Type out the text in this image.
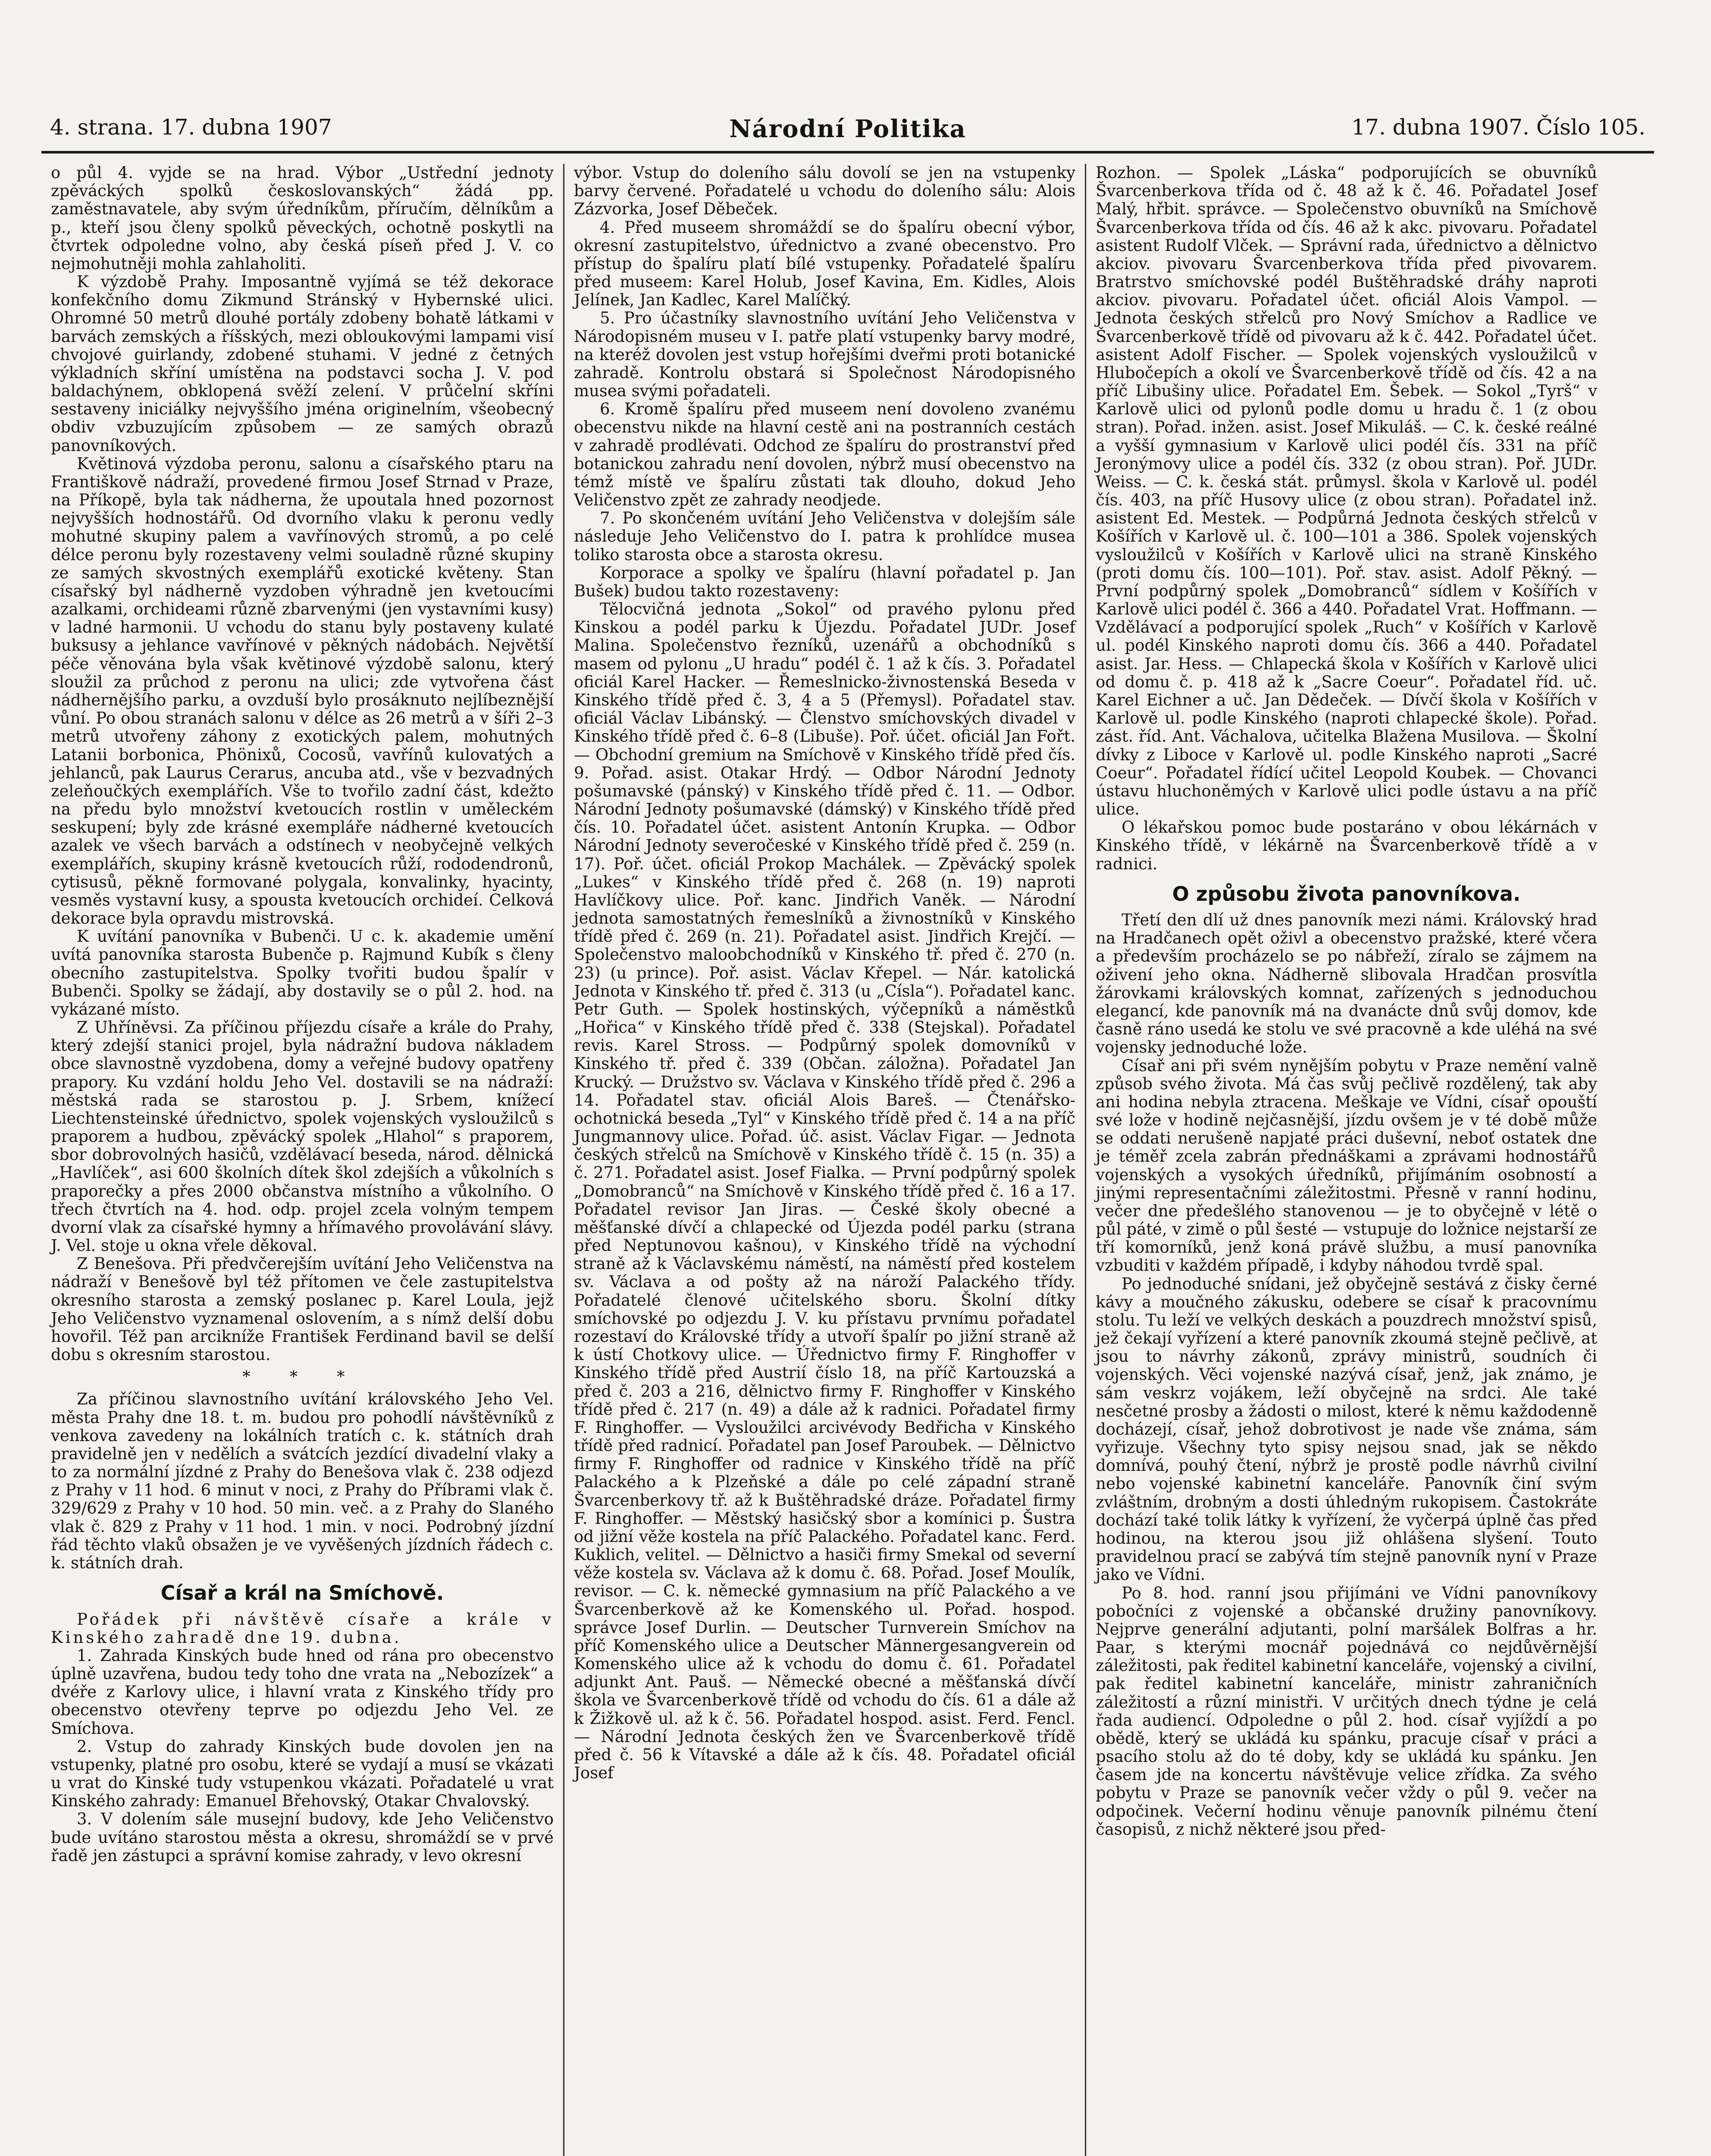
4. strana. 17. dubna 1907	Národní Politika	17. dubna 1907. Číslo 105.

o půl 4. vyjde se na hrad. Výbor „Ustřední jednoty zpěváckých spolků českoslovanských“ žádá pp. zaměstnavatele, aby svým úředníkům, příručím, dělníkům a p., kteří jsou členy spolků pěveckých, ochotně poskytli na čtvrtek odpoledne volno, aby česká píseň před J. V. co nejmohutněji mohla zahlaholiti.

K výzdobě Prahy. Imposantně vyjímá se též dekorace konfekčního domu Zikmund Stránský v Hybernské ulici. Ohromné 50 metrů dlouhé portály zdobeny bohatě látkami v barvách zemských a říšských, mezi obloukovými lampami visí chvojové guirlandy, zdobené stuhami. V jedné z četných výkladních skříní umístěna na podstavci socha J. V. pod baldachýnem, obklopená svěží zelení. V průčelní skříni sestaveny iniciálky nejvyššího jména originelním, všeobecný obdiv vzbuzujícím způsobem — ze samých obrazů panovníkových.

Květinová výzdoba peronu, salonu a císařského ptaru na Františkově nádraží, provedené firmou Josef Strnad v Praze, na Příkopě, byla tak nádherna, že upoutala hned pozornost nejvyšších hodnostářů. Od dvorního vlaku k peronu vedly mohutné skupiny palem a vavřínových stromů, a po celé délce peronu byly rozestaveny velmi souladně různé skupiny ze samých skvostných exemplářů exotické květeny. Stan císařský byl nádherně vyzdoben výhradně jen kvetoucími azalkami, orchideami různě zbarvenými (jen vystavními kusy) v ladné harmonii. U vchodu do stanu byly postaveny kulaté buksusy a jehlance vavřínové v pěkných nádobách. Největší péče věnována byla však květinové výzdobě salonu, který sloužil za průchod z peronu na ulici; zde vytvořena část nádhernějšího parku, a ovzduší bylo prosáknuto nejlíbeznější vůní. Po obou stranách salonu v délce as 26 metrů a v šíři 2–3 metrů utvořeny záhony z exotických palem, mohutných Latanii borbonica, Phönixů, Cocosů, vavřínů kulovatých a jehlanců, pak Laurus Cerarus, ancuba atd., vše v bezvadných zeleňoučkých exemplářích. Vše to tvořilo zadní část, kdežto na předu bylo množství kvetoucích rostlin v uměleckém seskupení; byly zde krásné exempláře nádherné kvetoucích azalek ve všech barvách a odstínech v neobyčejně velkých exemplářích, skupiny krásně kvetoucích růží, rododendronů, cytisusů, pěkně formované polygala, konvalinky, hyacinty, vesměs vystavní kusy, a spousta kvetoucích orchideí. Celková dekorace byla opravdu mistrovská.

K uvítání panovníka v Bubenči. U c. k. akademie umění uvítá panovníka starosta Bubenče p. Rajmund Kubík s členy obecního zastupitelstva. Spolky tvořiti budou špalír v Bubenči. Spolky se žádají, aby dostavily se o půl 2. hod. na vykázané místo.

Z Uhříněvsi. Za příčinou příjezdu císaře a krále do Prahy, který zdejší stanici projel, byla nádražní budova nákladem obce slavnostně vyzdobena, domy a veřejné budovy opatřeny prapory. Ku vzdání holdu Jeho Vel. dostavili se na nádraží: městská rada se starostou p. J. Srbem, knížecí Liechtensteinské úřednictvo, spolek vojenských vysloužilců s praporem a hudbou, zpěvácký spolek „Hlahol“ s praporem, sbor dobrovolných hasičů, vzdělávací beseda, národ. dělnická „Havlíček“, asi 600 školních dítek škol zdejších a vůkolních s praporečky a přes 2000 občanstva místního a vůkolního. O třech čtvrtích na 4. hod. odp. projel zcela volným tempem dvorní vlak za císařské hymny a hřímavého provolávání slávy. J. Vel. stoje u okna vřele děkoval.

Z Benešova. Při předvčerejším uvítání Jeho Veličenstva na nádraží v Benešově byl též přítomen ve čele zastupitelstva okresního starosta a zemský poslanec p. Karel Loula, jejž Jeho Veličenstvo vyznamenal oslovením, a s nímž delší dobu hovořil. Též pan arcikníže František Ferdinand bavil se delší dobu s okresním starostou.

* * *

Za příčinou slavnostního uvítání královského Jeho Vel. města Prahy dne 18. t. m. budou pro pohodlí návštěvníků z venkova zavedeny na lokálních tratích c. k. státních drah pravidelně jen v nedělích a svátcích jezdící divadelní vlaky a to za normální jízdné z Prahy do Benešova vlak č. 238 odjezd z Prahy v 11 hod. 6 minut v noci, z Prahy do Příbrami vlak č. 329/629 z Prahy v 10 hod. 50 min. več. a z Prahy do Slaného vlak č. 829 z Prahy v 11 hod. 1 min. v noci. Podrobný jízdní řád těchto vlaků obsažen je ve vyvěšených jízdních řádech c. k. státních drah.

Císař a král na Smíchově.

Pořádek při návštěvě císaře a krále v Kinského zahradě dne 19. dubna.

1. Zahrada Kinských bude hned od rána pro obecenstvo úplně uzavřena, budou tedy toho dne vrata na „Nebozízek“ a dvéře z Karlovy ulice, i hlavní vrata z Kinského třídy pro obecenstvo otevřeny teprve po odjezdu Jeho Vel. ze Smíchova.

2. Vstup do zahrady Kinských bude dovolen jen na vstupenky, platné pro osobu, které se vydají a musí se vkázati u vrat do Kinské tudy vstupenkou vkázati. Pořadatelé u vrat Kinského zahrady: Emanuel Břehovský, Otakar Chvalovský.

3. V dolením sále musejní budovy, kde Jeho Veličenstvo bude uvítáno starostou města a okresu, shromáždí se v prvé řadě jen zástupci a správní komise zahrady, v levo okresní

výbor. Vstup do doleního sálu dovolí se jen na vstupenky barvy červené. Pořadatelé u vchodu do doleního sálu: Alois Zázvorka, Josef Děbeček.

4. Před museem shromáždí se do špalíru obecní výbor, okresní zastupitelstvo, úřednictvo a zvané obecenstvo. Pro přístup do špalíru platí bílé vstupenky. Pořadatelé špalíru před museem: Karel Holub, Josef Kavina, Em. Kidles, Alois Jelínek, Jan Kadlec, Karel Malíčký.

5. Pro účastníky slavnostního uvítání Jeho Veličenstva v Národopisném museu v I. patře platí vstupenky barvy modré, na kteréž dovolen jest vstup hořejšími dveřmi proti botanické zahradě. Kontrolu obstará si Společnost Národopisného musea svými pořadateli.

6. Kromě špalíru před museem není dovoleno zvanému obecenstvu nikde na hlavní cestě ani na postranních cestách v zahradě prodlévati. Odchod ze špalíru do prostranství před botanickou zahradu není dovolen, nýbrž musí obecenstvo na témž místě ve špalíru zůstati tak dlouho, dokud Jeho Veličenstvo zpět ze zahrady neodjede.

7. Po skončeném uvítání Jeho Veličenstva v dolejším sále následuje Jeho Veličenstvo do I. patra k prohlídce musea toliko starosta obce a starosta okresu.

Korporace a spolky ve špalíru (hlavní pořadatel p. Jan Bušek) budou takto rozestaveny:

Tělocvičná jednota „Sokol“ od pravého pylonu před Kinskou a podél parku k Újezdu. Pořadatel JUDr. Josef Malina. Společenstvo řezníků, uzenářů a obchodníků s masem od pylonu „U hradu“ podél č. 1 až k čís. 3. Pořadatel oficiál Karel Hacker. — Řemeslnicko-živnostenská Beseda v Kinského třídě před č. 3, 4 a 5 (Přemysl). Pořadatel stav. oficiál Václav Libánský. — Členstvo smíchovských divadel v Kinského třídě před č. 6–8 (Libuše). Poř. účet. oficiál Jan Fořt. — Obchodní gremium na Smíchově v Kinského třídě před čís. 9. Pořad. asist. Otakar Hrdý. — Odbor Národní Jednoty pošumavské (pánský) v Kinského třídě před č. 11. — Odbor. Národní Jednoty pošumavské (dámský) v Kinského třídě před čís. 10. Pořadatel účet. asistent Antonín Krupka. — Odbor Národní Jednoty severočeské v Kinského třídě před č. 259 (n. 17). Poř. účet. oficiál Prokop Machálek. — Zpěvácký spolek „Lukes“ v Kinského třídě před č. 268 (n. 19) naproti Havlíčkovy ulice. Poř. kanc. Jindřich Vaněk. — Národní jednota samostatných řemeslníků a živnostníků v Kinského třídě před č. 269 (n. 21). Pořadatel asist. Jindřich Krejčí. — Společenstvo maloobchodníků v Kinského tř. před č. 270 (n. 23) (u prince). Poř. asist. Václav Křepel. — Nár. katolická Jednota v Kinského tř. před č. 313 (u „Císla“). Pořadatel kanc. Petr Guth. — Spolek hostinských, výčepníků a náměstků „Hořica“ v Kinského třídě před č. 338 (Stejskal). Pořadatel revis. Karel Stross. — Podpůrný spolek domovníků v Kinského tř. před č. 339 (Občan. záložna). Pořadatel Jan Krucký. — Družstvo sv. Václava v Kinského třídě před č. 296 a 14. Pořadatel stav. oficiál Alois Bareš. — Čtenářsko-ochotnická beseda „Tyl“ v Kinského třídě před č. 14 a na příč Jungmannovy ulice. Pořad. úč. asist. Václav Figar. — Jednota českých střelců na Smíchově v Kinského třídě č. 15 (n. 35) a č. 271. Pořadatel asist. Josef Fialka. — První podpůrný spolek „Domobranců“ na Smíchově v Kinského třídě před č. 16 a 17. Pořadatel revisor Jan Jiras. — České školy obecné a měšťanské dívčí a chlapecké od Újezda podél parku (strana před Neptunovou kašnou), v Kinského třídě na východní straně až k Václavskému náměstí, na náměstí před kostelem sv. Václava a od pošty až na nároží Palackého třídy. Pořadatelé členové učitelského sboru. Školní dítky smíchovské po odjezdu J. V. ku přístavu prvnímu pořadatel rozestaví do Královské třídy a utvoří špalír po jižní straně až k ústí Chotkovy ulice. — Úřednictvo firmy F. Ringhoffer v Kinského třídě před Austrií číslo 18, na příč Kartouzská a před č. 203 a 216, dělnictvo firmy F. Ringhoffer v Kinského třídě před č. 217 (n. 49) a dále až k radnici. Pořadatel firmy F. Ringhoffer. — Vysloužilci arcivévody Bedřicha v Kinského třídě před radnicí. Pořadatel pan Josef Paroubek. — Dělnictvo firmy F. Ringhoffer od radnice v Kinského třídě na příč Palackého a k Plzeňské a dále po celé západní straně Švarcenberkovy tř. až k Buštěhradské dráze. Pořadatel firmy F. Ringhoffer. — Městský hasičský sbor a komínici p. Šustra od jižní věže kostela na příč Palackého. Pořadatel kanc. Ferd. Kuklich, velitel. — Dělnictvo a hasiči firmy Smekal od severní věže kostela sv. Václava až k domu č. 68. Pořad. Josef Moulík, revisor. — C. k. německé gymnasium na příč Palackého a ve Švarcenberkově až ke Komenského ul. Pořad. hospod. správce Josef Durlin. — Deutscher Turnverein Smíchov na příč Komenského ulice a Deutscher Männergesangverein od Komenského ulice až k vchodu do domu č. 61. Pořadatel adjunkt Ant. Pauš. — Německé obecné a měšťanská dívčí škola ve Švarcenberkově třídě od vchodu do čís. 61 a dále až k Žižkově ul. až k č. 56. Pořadatel hospod. asist. Ferd. Fencl. — Národní Jednota českých žen ve Švarcenberkově třídě před č. 56 k Vítavské a dále až k čís. 48. Pořadatel oficiál Josef

Rozhon. — Spolek „Láska“ podporujících se obuvníků Švarcenberkova třída od č. 48 až k č. 46. Pořadatel Josef Malý, hřbit. správce. — Společenstvo obuvníků na Smíchově Švarcenberkova třída od čís. 46 až k akc. pivovaru. Pořadatel asistent Rudolf Vlček. — Správní rada, úřednictvo a dělnictvo akciov. pivovaru Švarcenberkova třída před pivovarem. Bratrstvo smíchovské podél Buštěhradské dráhy naproti akciov. pivovaru. Pořadatel účet. oficiál Alois Vampol. — Jednota českých střelců pro Nový Smíchov a Radlice ve Švarcenberkově třídě od pivovaru až k č. 442. Pořadatel účet. asistent Adolf Fischer. — Spolek vojenských vysloužilců v Hlubočepích a okolí ve Švarcenberkově třídě od čís. 42 a na příč Libušiny ulice. Pořadatel Em. Šebek. — Sokol „Tyrš“ v Karlově ulici od pylonů podle domu u hradu č. 1 (z obou stran). Pořad. inžen. asist. Josef Mikuláš. — C. k. české reálné a vyšší gymnasium v Karlově ulici podél čís. 331 na příč Jeronýmovy ulice a podél čís. 332 (z obou stran). Poř. JUDr. Weiss. — C. k. česká stát. průmysl. škola v Karlově ul. podél čís. 403, na příč Husovy ulice (z obou stran). Pořadatel inž. asistent Ed. Mestek. — Podpůrná Jednota českých střelců v Košířích v Karlově ul. č. 100—101 a 386. Spolek vojenských vysloužilců v Košířích v Karlově ulici na straně Kinského (proti domu čís. 100—101). Poř. stav. asist. Adolf Pěkný. — První podpůrný spolek „Domobranců“ sídlem v Košířích v Karlově ulici podél č. 366 a 440. Pořadatel Vrat. Hoffmann. — Vzdělávací a podporující spolek „Ruch“ v Košířích v Karlově ul. podél Kinského naproti domu čís. 366 a 440. Pořadatel asist. Jar. Hess. — Chlapecká škola v Košířích v Karlově ulici od domu č. p. 418 až k „Sacre Coeur“. Pořadatel říd. uč. Karel Eichner a uč. Jan Dědeček. — Dívčí škola v Košířích v Karlově ul. podle Kinského (naproti chlapecké škole). Pořad. zást. říd. Ant. Váchalova, učitelka Blažena Musilova. — Školní dívky z Liboce v Karlově ul. podle Kinského naproti „Sacré Coeur“. Pořadatel řídící učitel Leopold Koubek. — Chovanci ústavu hluchoněmých v Karlově ulici podle ústavu a na příč ulice.

O lékařskou pomoc bude postaráno v obou lékárnách v Kinského třídě, v lékárně na Švarcenberkově třídě a v radnici.

O způsobu života panovníkova.

Třetí den dlí už dnes panovník mezi námi. Královský hrad na Hradčanech opět oživl a obecenstvo pražské, které včera a především procházelo se po nábřeží, zíralo se zájmem na oživení jeho okna. Nádherně slibovala Hradčan prosvítla žárovkami královských komnat, zařízených s jednoduchou elegancí, kde panovník má na dvanácte dnů svůj domov, kde časně ráno usedá ke stolu ve své pracovně a kde uléhá na své vojensky jednoduché lože.

Císař ani při svém nynějším pobytu v Praze nemění valně způsob svého života. Má čas svůj pečlivě rozdělený, tak aby ani hodina nebyla ztracena. Meškaje ve Vídni, císař opouští své lože v hodině nejčasnější, jízdu ovšem je v té době může se oddati nerušeně napjaté práci duševní, neboť ostatek dne je téměř zcela zabrán přednáškami a zprávami hodnostářů vojenských a vysokých úředníků, přijímáním osobností a jinými representačními záležitostmi. Přesně v ranní hodinu, večer dne předešlého stanovenou — je to obyčejně v létě o půl páté, v zimě o půl šesté — vstupuje do ložnice nejstarší ze tří komorníků, jenž koná právě službu, a musí panovníka vzbuditi v každém případě, i kdyby náhodou tvrdě spal.

Po jednoduché snídani, jež obyčejně sestává z čisky černé kávy a moučného zákusku, odebere se císař k pracovnímu stolu. Tu leží ve velkých deskách a pouzdrech množství spisů, jež čekají vyřízení a které panovník zkoumá stejně pečlivě, at jsou to návrhy zákonů, zprávy ministrů, soudních či vojenských. Věci vojenské nazývá císař, jenž, jak známo, je sám veskrz vojákem, leží obyčejně na srdci. Ale také nesčetné prosby a žádosti o milost, které k němu každodenně docházejí, císař, jehož dobrotivost je nade vše známa, sám vyřizuje. Všechny tyto spisy nejsou snad, jak se někdo domnívá, pouhý čtení, nýbrž je prostě podle návrhů civilní nebo vojenské kabinetní kanceláře. Panovník činí svým zvláštním, drobným a dosti úhledným rukopisem. Častokráte dochází také tolik látky k vyřízení, že vyčerpá úplně čas před hodinou, na kterou jsou již ohlášena slyšení. Touto pravidelnou prací se zabývá tím stejně panovník nyní v Praze jako ve Vídni.

Po 8. hod. ranní jsou přijímáni ve Vídni panovníkovy pobočníci z vojenské a občanské družiny panovníkovy. Nejprve generální adjutanti, polní maršálek Bolfras a hr. Paar, s kterými mocnář pojednává co nejdůvěrnější záležitosti, pak ředitel kabinetní kanceláře, vojenský a civilní, pak ředitel kabinetní kanceláře, ministr zahraničních záležitostí a různí ministři. V určitých dnech týdne je celá řada audiencí. Odpoledne o půl 2. hod. císař vyjíždí a po obědě, který se ukládá ku spánku, pracuje císař v práci a psacího stolu až do té doby, kdy se ukládá ku spánku. Jen časem jde na koncertu návštěvuje velice zřídka. Za svého pobytu v Praze se panovník večer vždy o půl 9. večer na odpočinek. Večerní hodinu věnuje panovník pilnému čtení časopisů, z nichž některé jsou před-
